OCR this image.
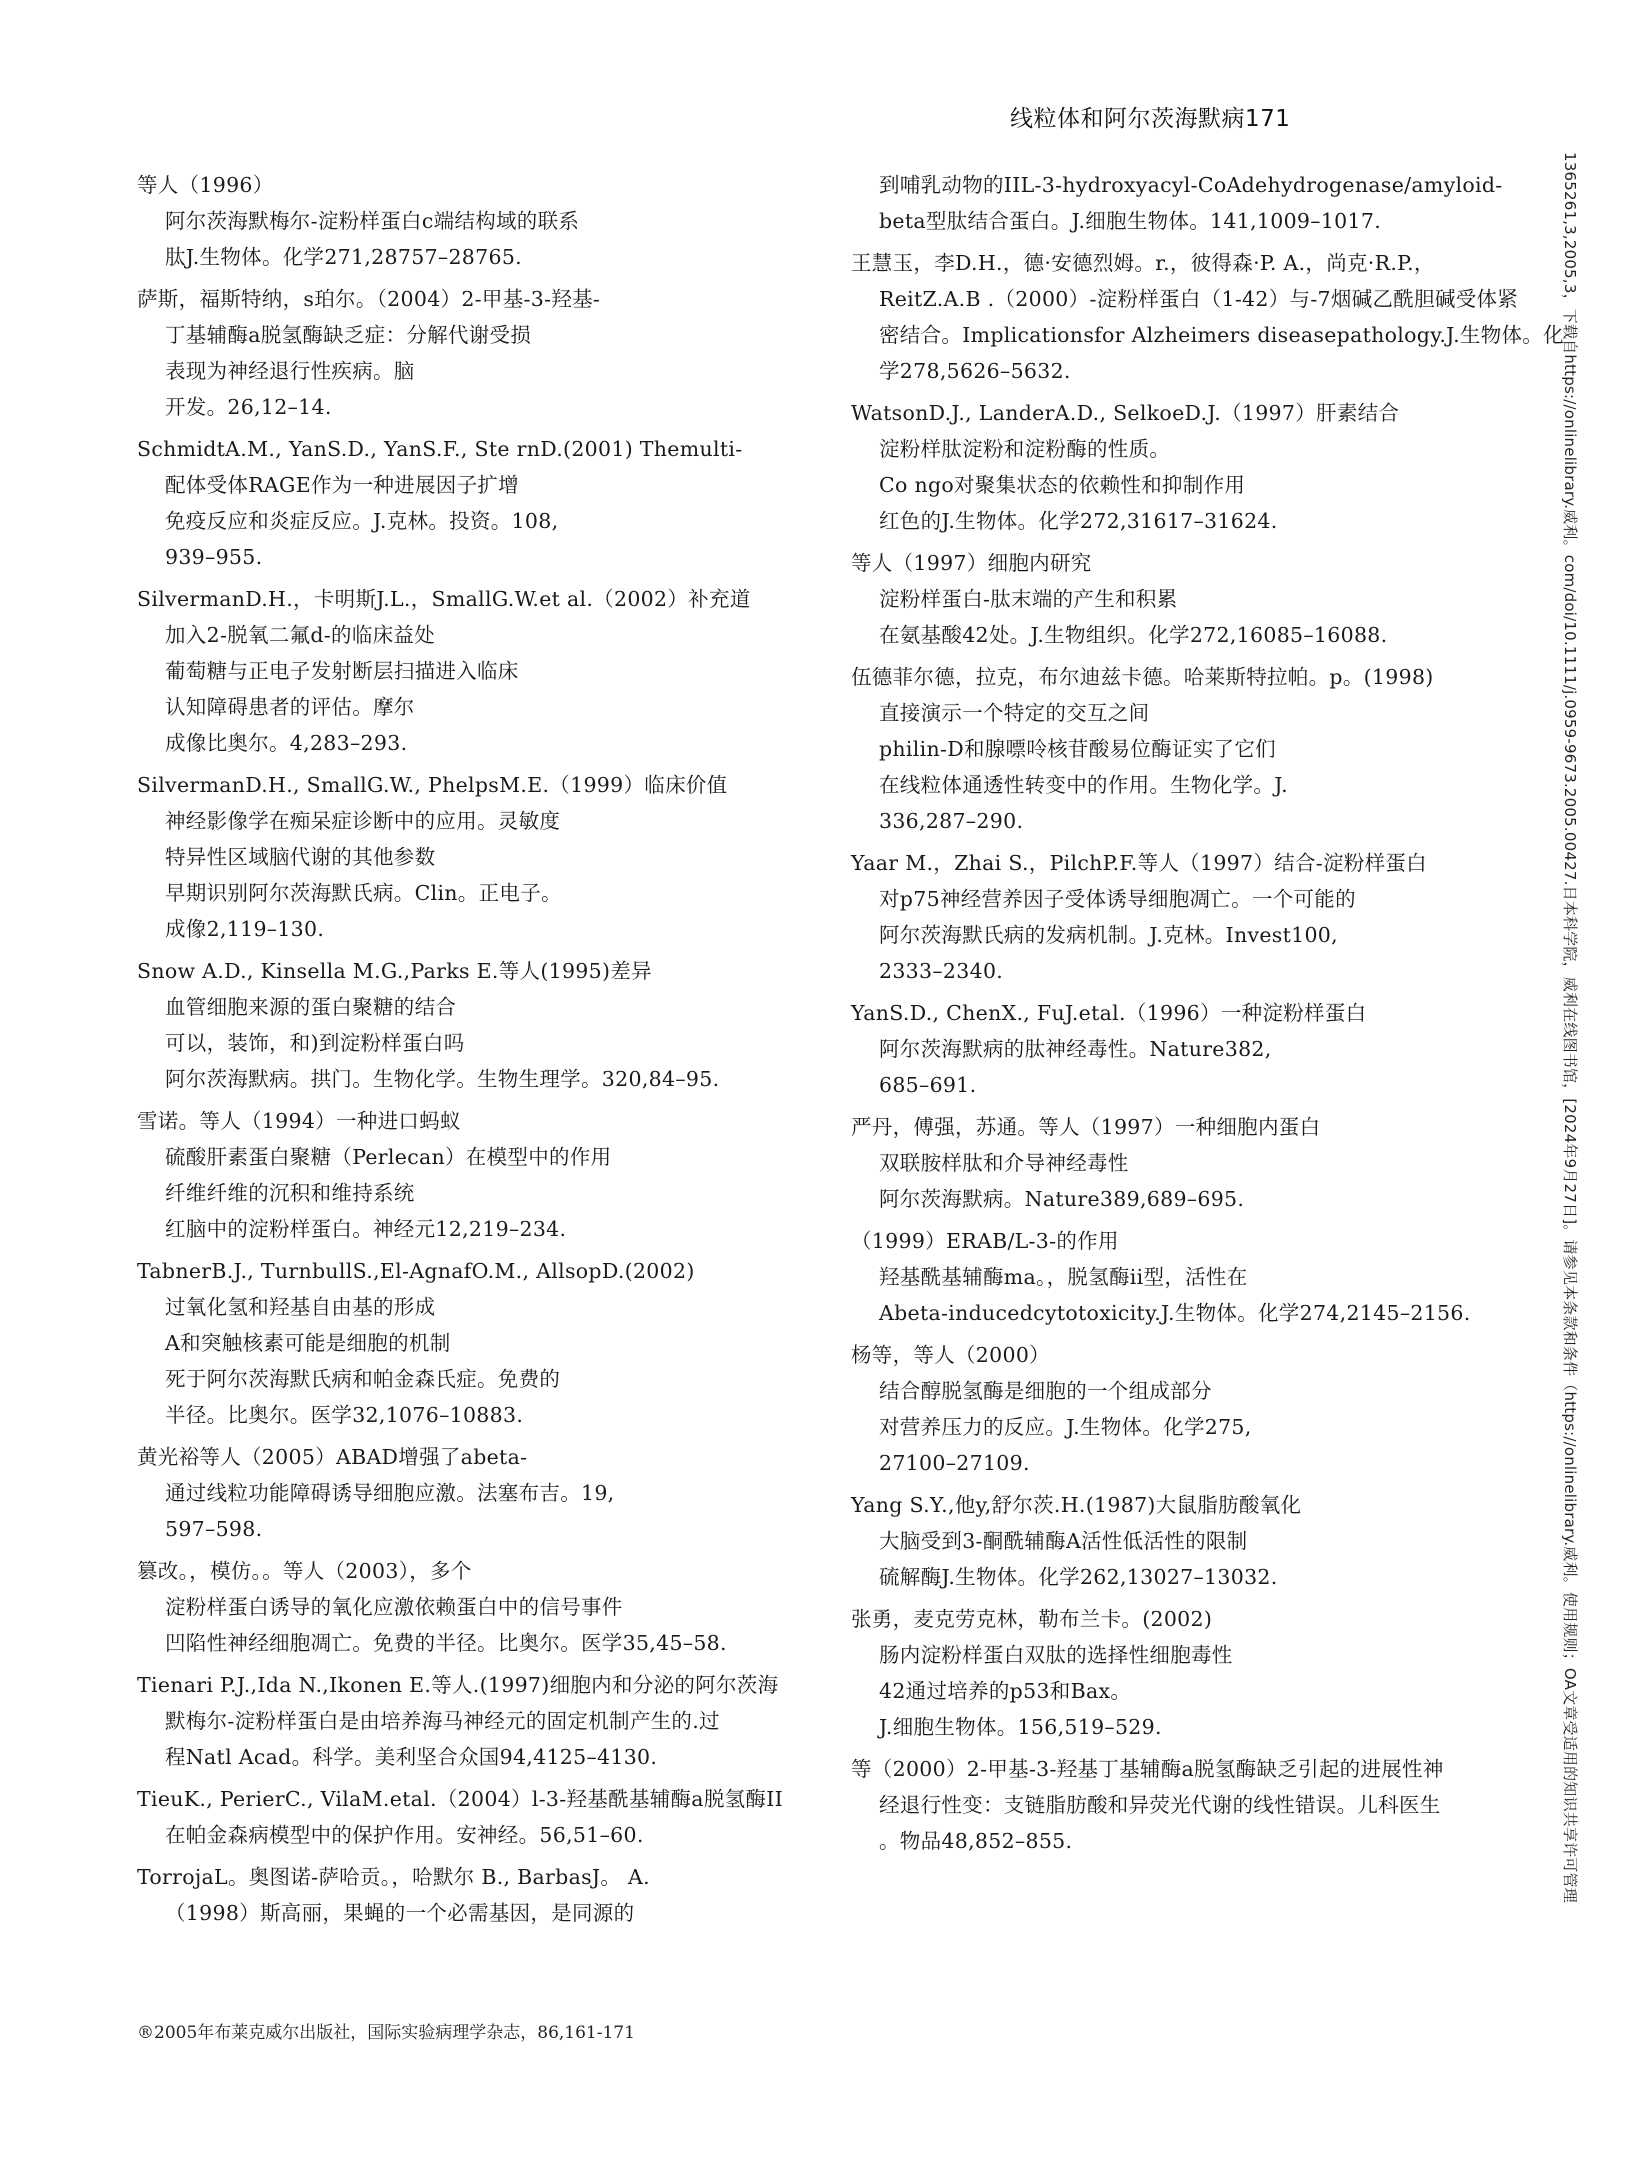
线粒体和阿尔茨海默病171
等人（1996）
阿尔茨海默梅尔-淀粉样蛋白c端结构域的联系
肽J.生物体。化学271,28757–28765.
萨斯，福斯特纳，s珀尔。（2004）2-甲基-3-羟基-
丁基辅酶a脱氢酶缺乏症：分解代谢受损
表现为神经退行性疾病。脑
开发。26,12–14.
SchmidtA.M., YanS.D., YanS.F., Ste rnD.(2001) Themulti-
配体受体RAGE作为一种进展因子扩增
免疫反应和炎症反应。J.克林。投资。108,
939–955.
SilvermanD.H.，卡明斯J.L.，SmallG.W.et al.（2002）补充道
加入2-脱氧二氟d-的临床益处
葡萄糖与正电子发射断层扫描进入临床
认知障碍患者的评估。摩尔
成像比奥尔。4,283–293.
SilvermanD.H., SmallG.W., PhelpsM.E.（1999）临床价值
神经影像学在痴呆症诊断中的应用。灵敏度
特异性区域脑代谢的其他参数
早期识别阿尔茨海默氏病。Clin。正电子。
成像2,119–130.
Snow A.D., Kinsella M.G.,Parks E.等人(1995)差异
血管细胞来源的蛋白聚糖的结合
可以，装饰，和)到淀粉样蛋白吗
阿尔茨海默病。拱门。生物化学。生物生理学。320,84–95.
雪诺。等人（1994）一种进口蚂蚁
硫酸肝素蛋白聚糖（Perlecan）在模型中的作用
纤维纤维的沉积和维持系统
红脑中的淀粉样蛋白。神经元12,219–234.
TabnerB.J., TurnbullS.,El-AgnafO.M., AllsopD.(2002)
过氧化氢和羟基自由基的形成
A和突触核素可能是细胞的机制
死于阿尔茨海默氏病和帕金森氏症。免费的
半径。比奥尔。医学32,1076–10883.
黄光裕等人（2005）ABAD增强了abeta-
通过线粒功能障碍诱导细胞应激。法塞布吉。19,
597–598.
篡改。，模仿。。等人（2003），多个
淀粉样蛋白诱导的氧化应激依赖蛋白中的信号事件
凹陷性神经细胞凋亡。免费的半径。比奥尔。医学35,45–58.
Tienari P.J.,Ida N.,Ikonen E.等人.(1997)细胞内和分泌的阿尔茨海
默梅尔-淀粉样蛋白是由培养海马神经元的固定机制产生的.过
程Natl Acad。科学。美利坚合众国94,4125–4130.
TieuK., PerierC., VilaM.etal.（2004）l-3-羟基酰基辅酶a脱氢酶II
在帕金森病模型中的保护作用。安神经。56,51–60.
TorrojaL。奥图诺-萨哈贡。，哈默尔 B., BarbasJ。 A.
（1998）斯高丽，果蝇的一个必需基因，是同源的
到哺乳动物的IIL-3-hydroxyacyl-CoAdehydrogenase/amyloid-
beta型肽结合蛋白。J.细胞生物体。141,1009–1017.
王慧玉，李D.H.，德·安德烈姆。r.，彼得森·P. A.，尚克·R.P.，
ReitZ.A.B .（2000）-淀粉样蛋白（1-42）与-7烟碱乙酰胆碱受体紧
密结合。Implicationsfor Alzheimers diseasepathology.J.生物体。化
学278,5626–5632.
WatsonD.J., LanderA.D., SelkoeD.J.（1997）肝素结合
淀粉样肽淀粉和淀粉酶的性质。
Co ngo对聚集状态的依赖性和抑制作用
红色的J.生物体。化学272,31617–31624.
等人（1997）细胞内研究
淀粉样蛋白-肽末端的产生和积累
在氨基酸42处。J.生物组织。化学272,16085–16088.
伍德菲尔德，拉克，布尔迪兹卡德。哈莱斯特拉帕。p。(1998)
直接演示一个特定的交互之间
philin-D和腺嘌呤核苷酸易位酶证实了它们
在线粒体通透性转变中的作用。生物化学。J.
336,287–290.
Yaar M.，Zhai S.，PilchP.F.等人（1997）结合-淀粉样蛋白
对p75神经营养因子受体诱导细胞凋亡。一个可能的
阿尔茨海默氏病的发病机制。J.克林。Invest100,
2333–2340.
YanS.D., ChenX., FuJ.etal.（1996）一种淀粉样蛋白
阿尔茨海默病的肽神经毒性。Nature382,
685–691.
严丹，傅强，苏通。等人（1997）一种细胞内蛋白
双联胺样肽和介导神经毒性
阿尔茨海默病。Nature389,689–695.
（1999）ERAB/L-3-的作用
羟基酰基辅酶ma。，脱氢酶ii型，活性在
Abeta-inducedcytotoxicity.J.生物体。化学274,2145–2156.
杨等，等人（2000）
结合醇脱氢酶是细胞的一个组成部分
对营养压力的反应。J.生物体。化学275,
27100–27109.
Yang S.Y.,他y,舒尔茨.H.(1987)大鼠脂肪酸氧化
大脑受到3-酮酰辅酶A活性低活性的限制
硫解酶J.生物体。化学262,13027–13032.
张勇，麦克劳克林，勒布兰卡。(2002)
肠内淀粉样蛋白双肽的选择性细胞毒性
42通过培养的p53和Bax。
J.细胞生物体。156,519–529.
等（2000）2-甲基-3-羟基丁基辅酶a脱氢酶缺乏引起的进展性神
经退行性变：支链脂肪酸和异荧光代谢的线性错误。儿科医生
。物品48,852–855.	1365261,3,2005,3，下载自https://onlinelibrary.威利。com/doi/10.1111/j.0959-9673.2005.00427.日本科学院，威利在线图书馆，[2024年9月27日]。请参见本条款和条件（https://onlinelibrary.威利。使用规则；OA文章受适用的知识共享许可管理
®2005年布莱克威尔出版社，国际实验病理学杂志，86,161-171
